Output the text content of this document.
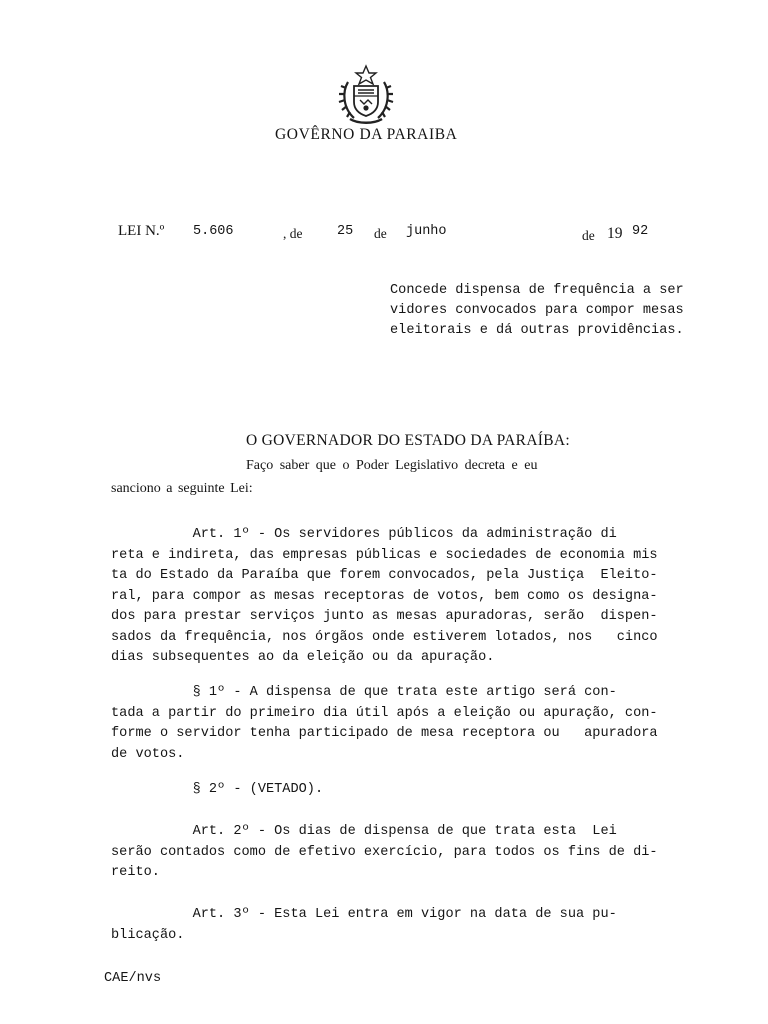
GOVÊRNO DA PARAIBA
LEI N.º 5.606	, de	25 de junho	de 19 92
Concede dispensa de frequência a ser
vidores convocados para compor mesas
eleitorais e dá outras providências.
O GOVERNADOR DO ESTADO DA PARAÍBA:
Faço saber que o Poder Legislativo decreta e eu
sanciono a seguinte Lei:
Art. 1º - Os servidores públicos da administração di
reta e indireta, das empresas públicas e sociedades de economia mis
ta do Estado da Paraíba que forem convocados, pela Justiça  Eleito-
ral, para compor as mesas receptoras de votos, bem como os designa-
dos para prestar serviços junto as mesas apuradoras, serão  dispen-
sados da frequência, nos órgãos onde estiverem lotados, nos   cinco
dias subsequentes ao da eleição ou da apuração.
§ 1º - A dispensa de que trata este artigo será con-
tada a partir do primeiro dia útil após a eleição ou apuração, con-
forme o servidor tenha participado de mesa receptora ou   apuradora
de votos.
§ 2º - (VETADO).
Art. 2º - Os dias de dispensa de que trata esta  Lei
serão contados como de efetivo exercício, para todos os fins de di-
reito.
Art. 3º - Esta Lei entra em vigor na data de sua pu-
blicação.
CAE/nvs
